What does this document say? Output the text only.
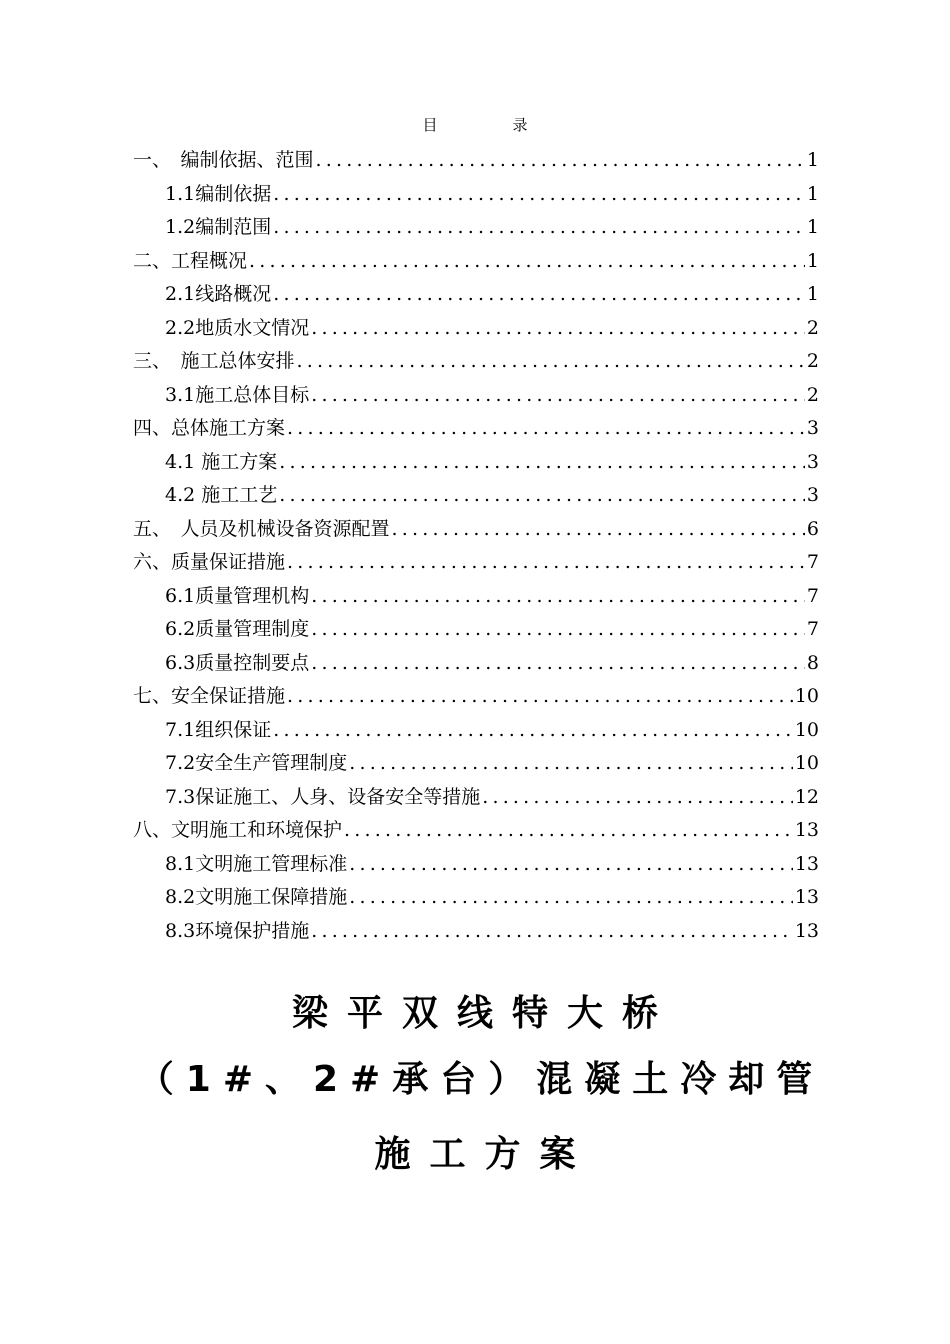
目　录
一、　编制依据、范围 .....	1
1.1编制依据 .....	1
1.2编制范围 .....	1
二、工程概况 .....	1
2.1线路概况 .....	1
2.2地质水文情况 .....	2
三、　施工总体安排 .....	2
3.1施工总体目标 .....	2
四、总体施工方案 .....	3
4.1 施工方案 .....	3
4.2 施工工艺 .....	3
五、　人员及机械设备资源配置 .....	6
六、质量保证措施 .....	7
6.1质量管理机构 .....	7
6.2质量管理制度 .....	7
6.3质量控制要点 .....	8
七、安全保证措施 .....	10
7.1组织保证 .....	10
7.2安全生产管理制度 .....	10
7.3保证施工、人身、设备安全等措施 .....	12
八、文明施工和环境保护 .....	13
8.1文明施工管理标准 .....	13
8.2文明施工保障措施 .....	13
8.3环境保护措施 .....	13
梁平双线特大桥
（1#、2#承台）混凝土冷却管
施工方案
